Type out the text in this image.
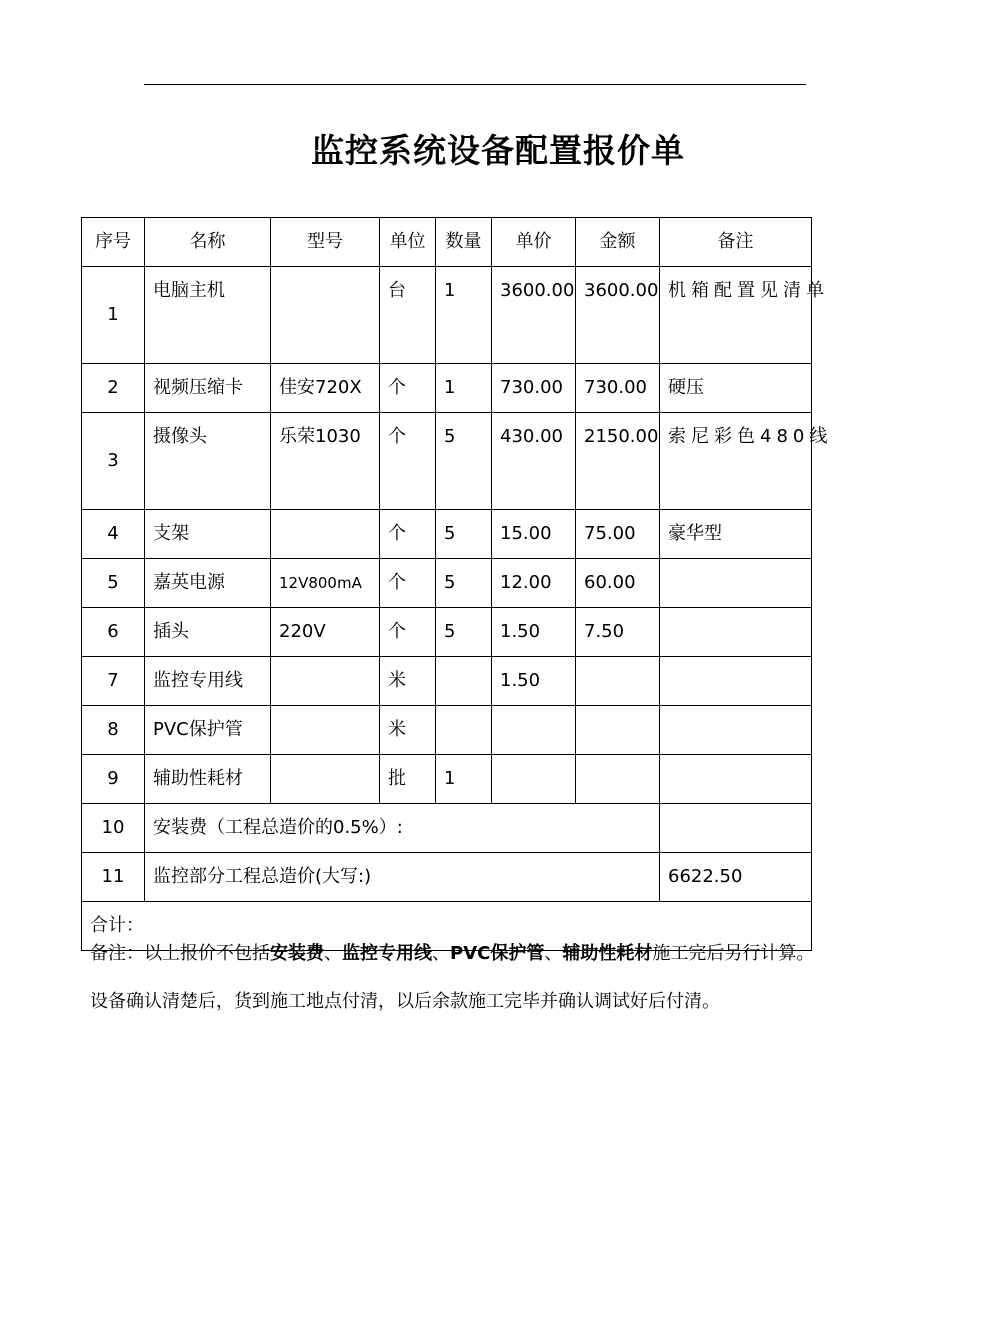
监控系统设备配置报价单
序号	名称	型号	单位	数量	单价	金额	备注
1	电脑主机		台	1	3600.00	3600.00	机箱配置见清单
2	视频压缩卡	佳安720X	个	1	730.00	730.00	硬压
3	摄像头	乐荣1030	个	5	430.00	2150.00	索尼彩色480线
4	支架		个	5	15.00	75.00	豪华型
5	嘉英电源	12V800mA	个	5	12.00	60.00	
6	插头	220V	个	5	1.50	7.50	
7	监控专用线		米		1.50		
8	PVC保护管		米				
9	辅助性耗材		批	1			
10	安装费（工程总造价的0.5%）:						
11	监控部分工程总造价(大写:)						6622.50
合计：							
备注：以上报价不包括安装费、监控专用线、PVC保护管、辅助性耗材施工完后另行计算。
设备确认清楚后，货到施工地点付清，以后余款施工完毕并确认调试好后付清。
